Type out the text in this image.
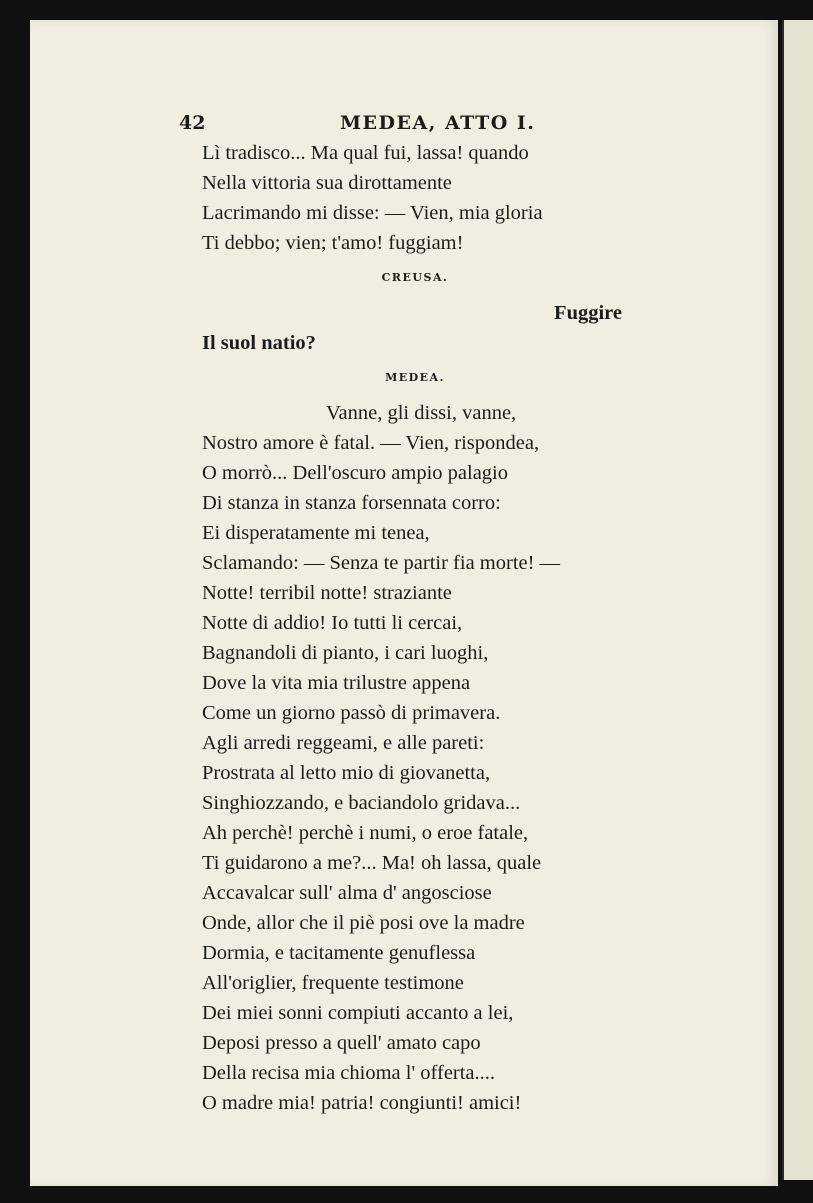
42	MEDEA, ATTO I.
Lì tradisco... Ma qual fui, lassa! quando
Nella vittoria sua dirottamente
Lacrimando mi disse: — Vien, mia gloria
Ti debbo; vien; t'amo! fuggiam!
CREUSA.
Fuggire
Il suol natio?
MEDEA.
Vanne, gli dissi, vanne,
Nostro amore è fatal. — Vien, rispondea,
O morrò... Dell'oscuro ampio palagio
Di stanza in stanza forsennata corro:
Ei disperatamente mi tenea,
Sclamando: — Senza te partir fia morte! —
Notte! terribil notte! straziante
Notte di addio! Io tutti li cercai,
Bagnandoli di pianto, i cari luoghi,
Dove la vita mia trilustre appena
Come un giorno passò di primavera.
Agli arredi reggeami, e alle pareti:
Prostrata al letto mio di giovanetta,
Singhiozzando, e baciandolo gridava...
Ah perchè! perchè i numi, o eroe fatale,
Ti guidarono a me?... Ma! oh lassa, quale
Accavalcar sull' alma d' angosciose
Onde, allor che il piè posi ove la madre
Dormia, e tacitamente genuflessa
All'origlier, frequente testimone
Dei miei sonni compiuti accanto a lei,
Deposi presso a quell' amato capo
Della recisa mia chioma l' offerta....
O madre mia! patria! congiunti! amici!
